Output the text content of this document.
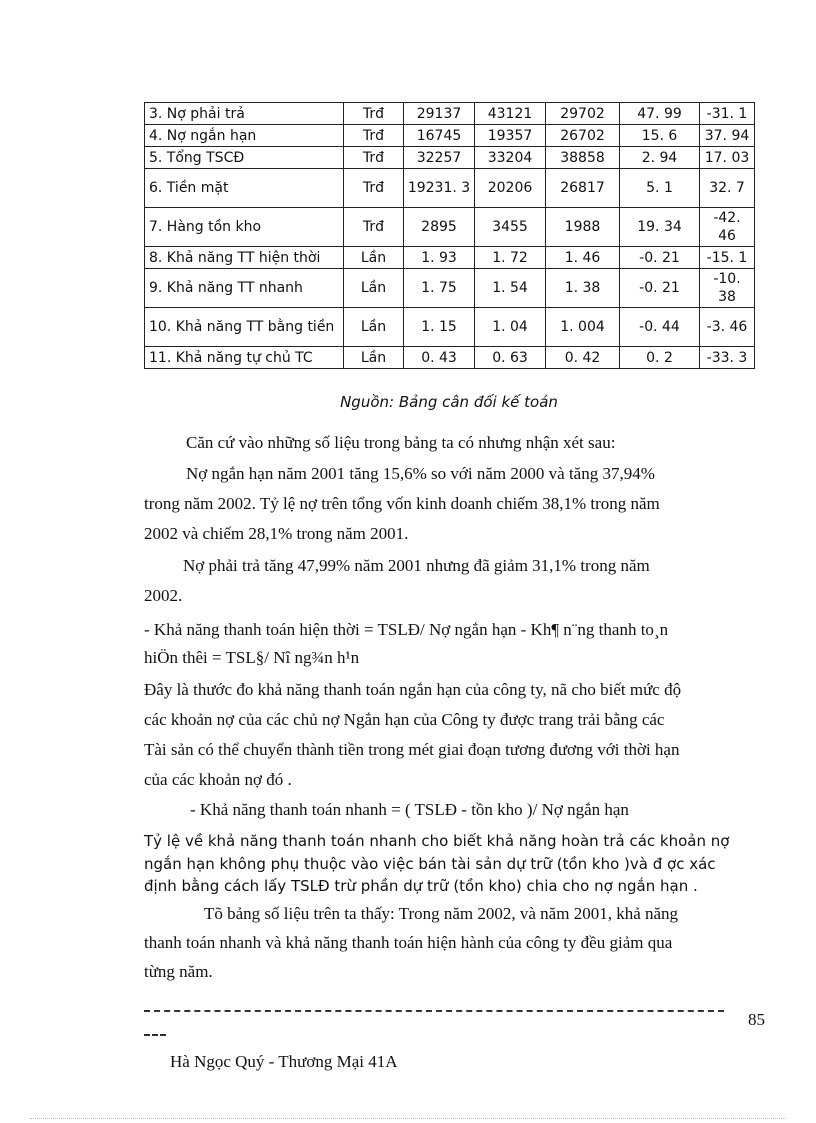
3. Nợ phải trả	Trđ	29137	43121	29702	47. 99	-31. 1
4. Nợ ngắn hạn	Trđ	16745	19357	26702	15. 6	37. 94
5. Tổng TSCĐ	Trđ	32257	33204	38858	2. 94	17. 03
6. Tiền mặt	Trđ	19231. 3	20206	26817	5. 1	32. 7
7. Hàng tồn kho	Trđ	2895	3455	1988	19. 34	-42. 46
8. Khả năng TT hiện thời	Lần	1. 93	1. 72	1. 46	-0. 21	-15. 1
9. Khả năng TT nhanh	Lần	1. 75	1. 54	1. 38	-0. 21	-10. 38
10. Khả năng TT bằng tiền	Lần	1. 15	1. 04	1. 004	-0. 44	-3. 46
11. Khả năng tự chủ TC	Lần	0. 43	0. 63	0. 42	0. 2	-33. 3
Nguồn: Bảng cân đối kế toán
Căn cứ vào những số liệu trong bảng ta có nhưng nhận xét sau:
Nợ ngắn hạn năm 2001 tăng 15,6% so với năm 2000 và tăng 37,94%
trong năm 2002. Tỷ lệ nợ trên tổng vốn kinh doanh chiếm 38,1% trong năm
2002 và chiếm 28,1% trong năm 2001.
Nợ phải trả tăng 47,99% năm 2001 nhưng đã giảm 31,1% trong năm
2002.
- Khả năng thanh toán hiện thời = TSLĐ/ Nợ ngắn hạn - Kh¶ n¨ng thanh to¸n
hiÖn thêi = TSL§/ Nî ng¾n h¹n
Đây là thước đo khả năng thanh toán ngắn hạn của công ty, nã cho biết mức độ
các khoản nợ của các chủ nợ Ngắn hạn của Công ty được trang trải bằng các
Tài sản có thể chuyển thành tiền trong mét giai đoạn tương đương với thời hạn
của các khoản nợ đó .
- Khả năng thanh toán nhanh = ( TSLĐ - tồn kho )/ Nợ ngắn hạn
Tỷ lệ về khả năng thanh toán nhanh cho biết khả năng hoàn trả các khoản nợ
ngắn hạn không phụ thuộc vào việc bán tài sản dự trữ (tồn kho )và đ ợc xác
định bằng cách lấy TSLĐ trừ phần dự trữ (tồn kho) chia cho nợ ngắn hạn .
Tõ bảng số liệu trên ta thấy: Trong năm 2002, và năm 2001, khả năng
thanh toán nhanh và khả năng thanh toán hiện hành của công ty đều giảm qua
từng năm.
85
Hà Ngọc Quý - Thương Mại 41A
